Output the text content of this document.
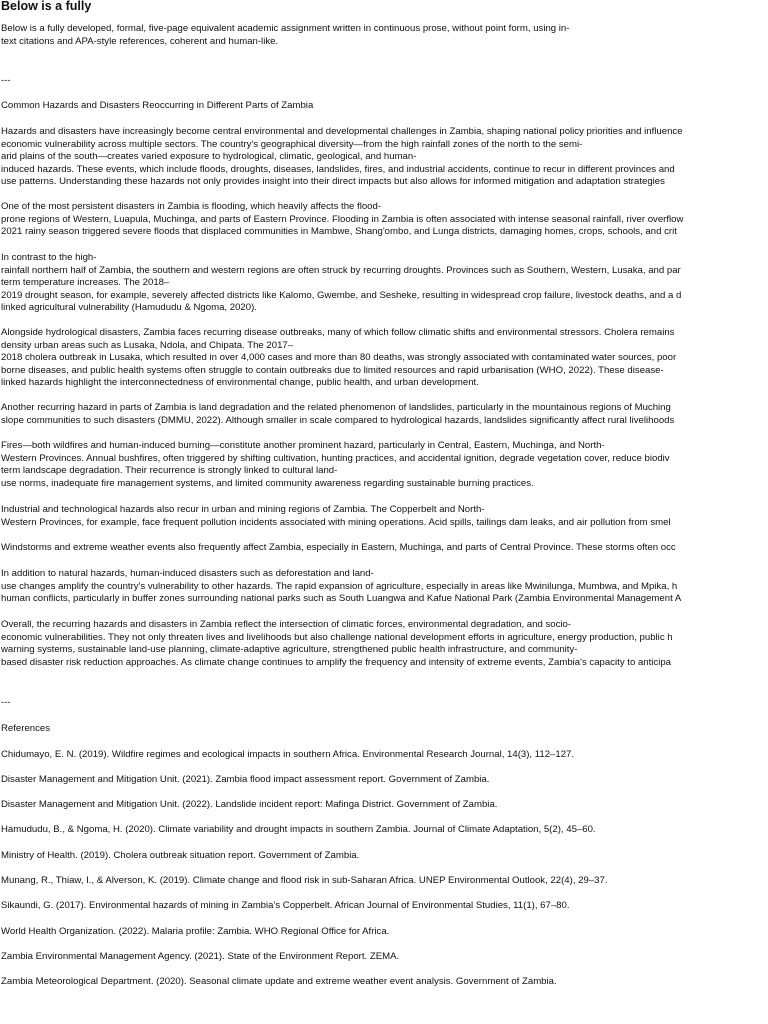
Below is a fully
Below is a fully developed, formal, five-page equivalent academic assignment written in continuous prose, without point form, using in-
text citations and APA-style references, coherent and human-like.
---
Common Hazards and Disasters Reoccurring in Different Parts of Zambia
Hazards and disasters have increasingly become central environmental and developmental challenges in Zambia, shaping national policy priorities and influence
economic vulnerability across multiple sectors. The country's geographical diversity—from the high rainfall zones of the north to the semi-
arid plains of the south—creates varied exposure to hydrological, climatic, geological, and human-
induced hazards. These events, which include floods, droughts, diseases, landslides, fires, and industrial accidents, continue to recur in different provinces and
use patterns. Understanding these hazards not only provides insight into their direct impacts but also allows for informed mitigation and adaptation strategies
One of the most persistent disasters in Zambia is flooding, which heavily affects the flood-
prone regions of Western, Luapula, Muchinga, and parts of Eastern Province. Flooding in Zambia is often associated with intense seasonal rainfall, river overflow
2021 rainy season triggered severe floods that displaced communities in Mambwe, Shang'ombo, and Lunga districts, damaging homes, crops, schools, and crit
In contrast to the high-
rainfall northern half of Zambia, the southern and western regions are often struck by recurring droughts. Provinces such as Southern, Western, Lusaka, and par
term temperature increases. The 2018–
2019 drought season, for example, severely affected districts like Kalomo, Gwembe, and Sesheke, resulting in widespread crop failure, livestock deaths, and a d
linked agricultural vulnerability (Hamududu & Ngoma, 2020).
Alongside hydrological disasters, Zambia faces recurring disease outbreaks, many of which follow climatic shifts and environmental stressors. Cholera remains
density urban areas such as Lusaka, Ndola, and Chipata. The 2017–
2018 cholera outbreak in Lusaka, which resulted in over 4,000 cases and more than 80 deaths, was strongly associated with contaminated water sources, poor
borne diseases, and public health systems often struggle to contain outbreaks due to limited resources and rapid urbanisation (WHO, 2022). These disease-
linked hazards highlight the interconnectedness of environmental change, public health, and urban development.
Another recurring hazard in parts of Zambia is land degradation and the related phenomenon of landslides, particularly in the mountainous regions of Muching
slope communities to such disasters (DMMU, 2022). Although smaller in scale compared to hydrological hazards, landslides significantly affect rural livelihoods
Fires—both wildfires and human-induced burning—constitute another prominent hazard, particularly in Central, Eastern, Muchinga, and North-
Western Provinces. Annual bushfires, often triggered by shifting cultivation, hunting practices, and accidental ignition, degrade vegetation cover, reduce biodiv
term landscape degradation. Their recurrence is strongly linked to cultural land-
use norms, inadequate fire management systems, and limited community awareness regarding sustainable burning practices.
Industrial and technological hazards also recur in urban and mining regions of Zambia. The Copperbelt and North-
Western Provinces, for example, face frequent pollution incidents associated with mining operations. Acid spills, tailings dam leaks, and air pollution from smel
Windstorms and extreme weather events also frequently affect Zambia, especially in Eastern, Muchinga, and parts of Central Province. These storms often occ
In addition to natural hazards, human-induced disasters such as deforestation and land-
use changes amplify the country's vulnerability to other hazards. The rapid expansion of agriculture, especially in areas like Mwinilunga, Mumbwa, and Mpika, h
human conflicts, particularly in buffer zones surrounding national parks such as South Luangwa and Kafue National Park (Zambia Environmental Management A
Overall, the recurring hazards and disasters in Zambia reflect the intersection of climatic forces, environmental degradation, and socio-
economic vulnerabilities. They not only threaten lives and livelihoods but also challenge national development efforts in agriculture, energy production, public h
warning systems, sustainable land-use planning, climate-adaptive agriculture, strengthened public health infrastructure, and community-
based disaster risk reduction approaches. As climate change continues to amplify the frequency and intensity of extreme events, Zambia's capacity to anticipa
---
References
Chidumayo, E. N. (2019). Wildfire regimes and ecological impacts in southern Africa. Environmental Research Journal, 14(3), 112–127.
Disaster Management and Mitigation Unit. (2021). Zambia flood impact assessment report. Government of Zambia.
Disaster Management and Mitigation Unit. (2022). Landslide incident report: Mafinga District. Government of Zambia.
Hamududu, B., & Ngoma, H. (2020). Climate variability and drought impacts in southern Zambia. Journal of Climate Adaptation, 5(2), 45–60.
Ministry of Health. (2019). Cholera outbreak situation report. Government of Zambia.
Munang, R., Thiaw, I., & Alverson, K. (2019). Climate change and flood risk in sub-Saharan Africa. UNEP Environmental Outlook, 22(4), 29–37.
Sikaundi, G. (2017). Environmental hazards of mining in Zambia's Copperbelt. African Journal of Environmental Studies, 11(1), 67–80.
World Health Organization. (2022). Malaria profile: Zambia. WHO Regional Office for Africa.
Zambia Environmental Management Agency. (2021). State of the Environment Report. ZEMA.
Zambia Meteorological Department. (2020). Seasonal climate update and extreme weather event analysis. Government of Zambia.
